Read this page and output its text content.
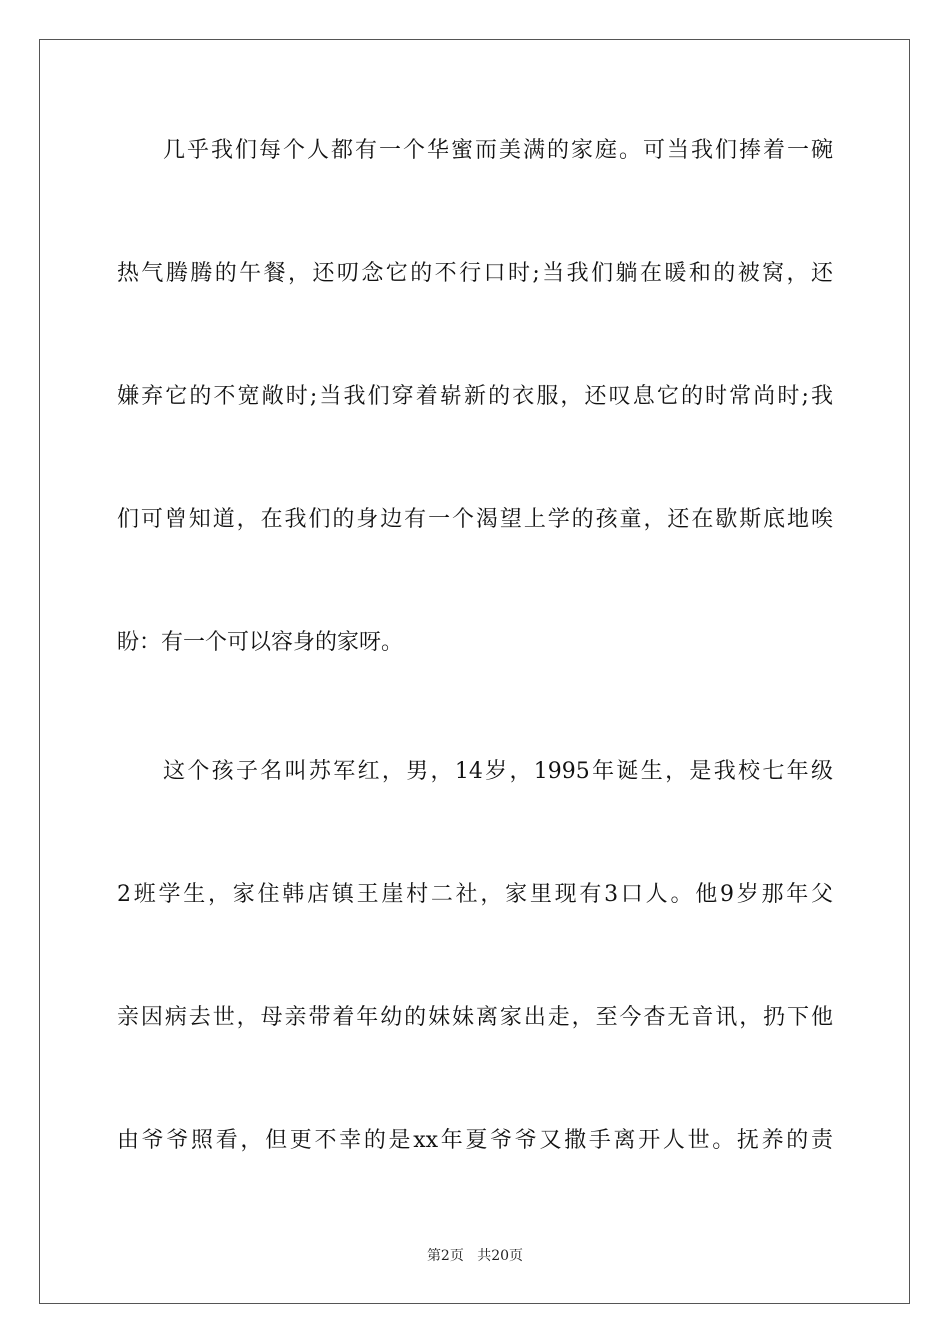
几乎我们每个人都有一个华蜜而美满的家庭。可当我们捧着一碗
热气腾腾的午餐，还叨念它的不行口时;当我们躺在暖和的被窝，还
嫌弃它的不宽敞时;当我们穿着崭新的衣服，还叹息它的时常尚时;我
们可曾知道，在我们的身边有一个渴望上学的孩童，还在歇斯底地唉
盼：有一个可以容身的家呀。
这个孩子名叫苏军红，男，14岁，1995年诞生，是我校七年级
2班学生，家住韩店镇王崖村二社，家里现有3口人。他9岁那年父
亲因病去世，母亲带着年幼的妹妹离家出走，至今杳无音讯，扔下他
由爷爷照看，但更不幸的是xx年夏爷爷又撒手离开人世。抚养的责
第2页 共20页
